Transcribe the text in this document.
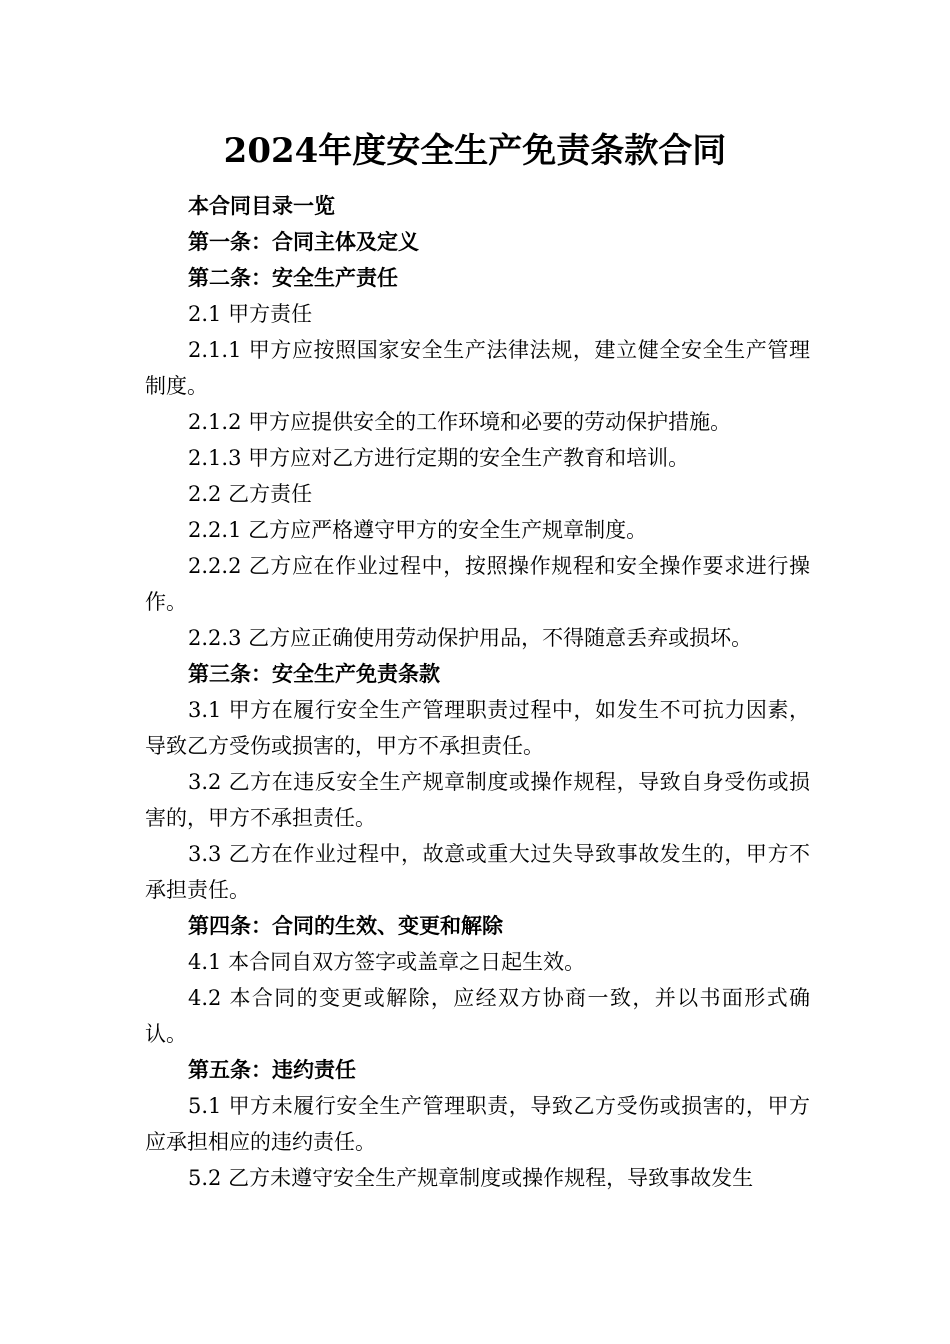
2024年度安全生产免责条款合同

本合同目录一览

第一条：合同主体及定义

第二条：安全生产责任

2.1 甲方责任

2.1.1 甲方应按照国家安全生产法律法规，建立健全安全生产管理制度。

2.1.2 甲方应提供安全的工作环境和必要的劳动保护措施。

2.1.3 甲方应对乙方进行定期的安全生产教育和培训。

2.2 乙方责任

2.2.1 乙方应严格遵守甲方的安全生产规章制度。

2.2.2 乙方应在作业过程中，按照操作规程和安全操作要求进行操作。

2.2.3 乙方应正确使用劳动保护用品，不得随意丢弃或损坏。

第三条：安全生产免责条款

3.1 甲方在履行安全生产管理职责过程中，如发生不可抗力因素，导致乙方受伤或损害的，甲方不承担责任。

3.2 乙方在违反安全生产规章制度或操作规程，导致自身受伤或损害的，甲方不承担责任。

3.3 乙方在作业过程中，故意或重大过失导致事故发生的，甲方不承担责任。

第四条：合同的生效、变更和解除

4.1 本合同自双方签字或盖章之日起生效。

4.2 本合同的变更或解除，应经双方协商一致，并以书面形式确认。

第五条：违约责任

5.1 甲方未履行安全生产管理职责，导致乙方受伤或损害的，甲方应承担相应的违约责任。

5.2 乙方未遵守安全生产规章制度或操作规程，导致事故发生
